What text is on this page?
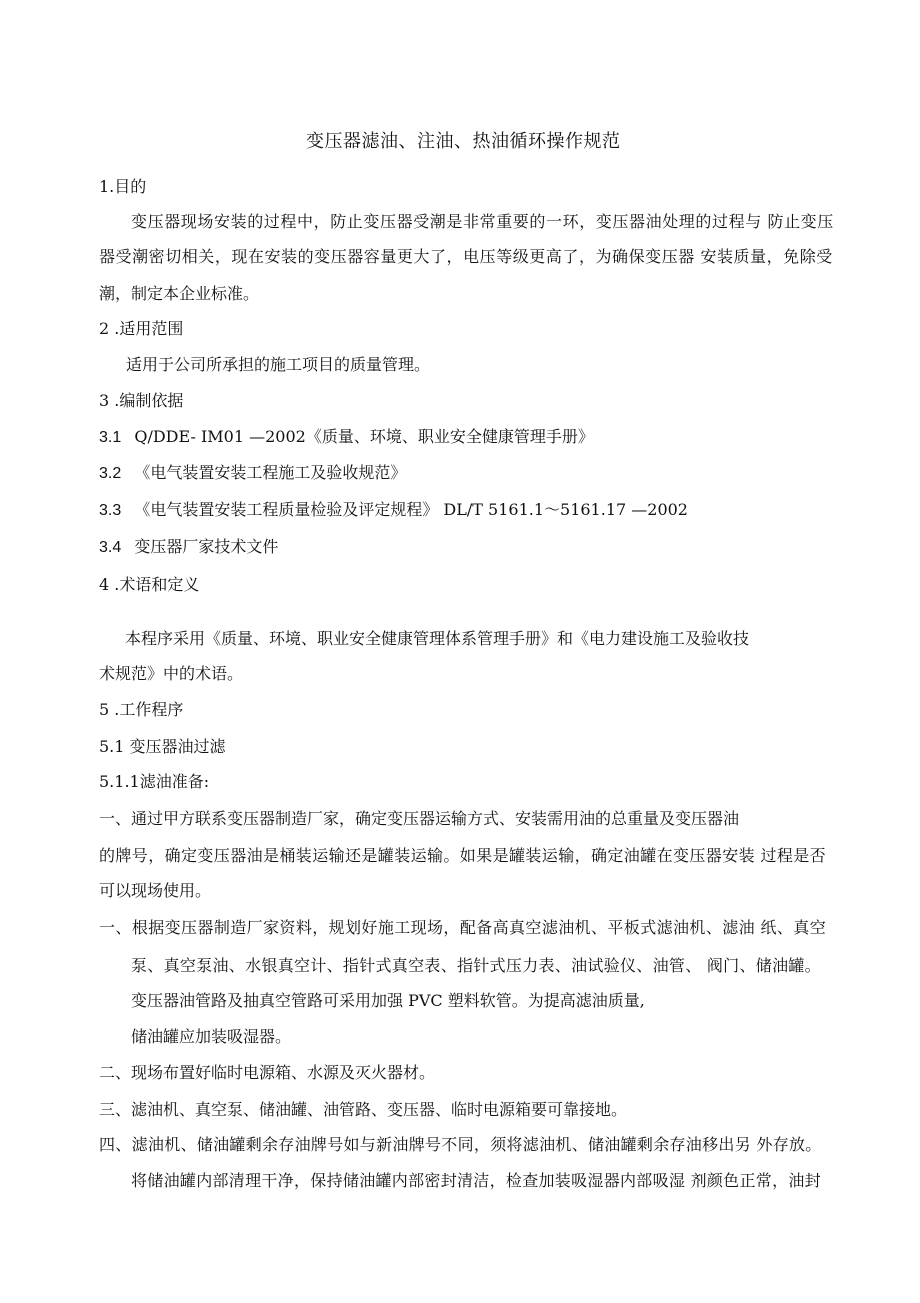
变压器滤油、注油、热油循环操作规范
1.目的
变压器现场安装的过程中，防止变压器受潮是非常重要的一环，变压器油处理的过程与 防止变压
器受潮密切相关，现在安装的变压器容量更大了，电压等级更高了，为确保变压器 安装质量，免除受
潮，制定本企业标准。
2 .适用范围
适用于公司所承担的施工项目的质量管理。
3 .编制依据
3.1 Q/DDE- IM01 —2002《质量、环境、职业安全健康管理手册》
3.2 《电气装置安装工程施工及验收规范》
3.3 《电气装置安装工程质量检验及评定规程》 DL/T 5161.1〜5161.17 —2002
3.4 变压器厂家技术文件
4 .术语和定义
本程序采用《质量、环境、职业安全健康管理体系管理手册》和《电力建设施工及验收技
术规范》中的术语。
5 .工作程序
5.1 变压器油过滤
5.1.1滤油准备:
一、通过甲方联系变压器制造厂家，确定变压器运输方式、安装需用油的总重量及变压器油
的牌号，确定变压器油是桶装运输还是罐装运输。如果是罐装运输，确定油罐在变压器安装 过程是否
可以现场使用。
一、根据变压器制造厂家资料，规划好施工现场，配备高真空滤油机、平板式滤油机、滤油 纸、真空
泵、真空泵油、水银真空计、指针式真空表、指针式压力表、油试验仪、油管、 阀门、储油罐。
变压器油管路及抽真空管路可采用加强 PVC 塑料软管。为提高滤油质量,
储油罐应加装吸湿器。
二、现场布置好临时电源箱、水源及灭火器材。
三、滤油机、真空泵、储油罐、油管路、变压器、临时电源箱要可靠接地。
四、滤油机、储油罐剩余存油牌号如与新油牌号不同，须将滤油机、储油罐剩余存油移出另 外存放。
将储油罐内部清理干净，保持储油罐内部密封清洁，检查加装吸湿器内部吸湿 剂颜色正常，油封
